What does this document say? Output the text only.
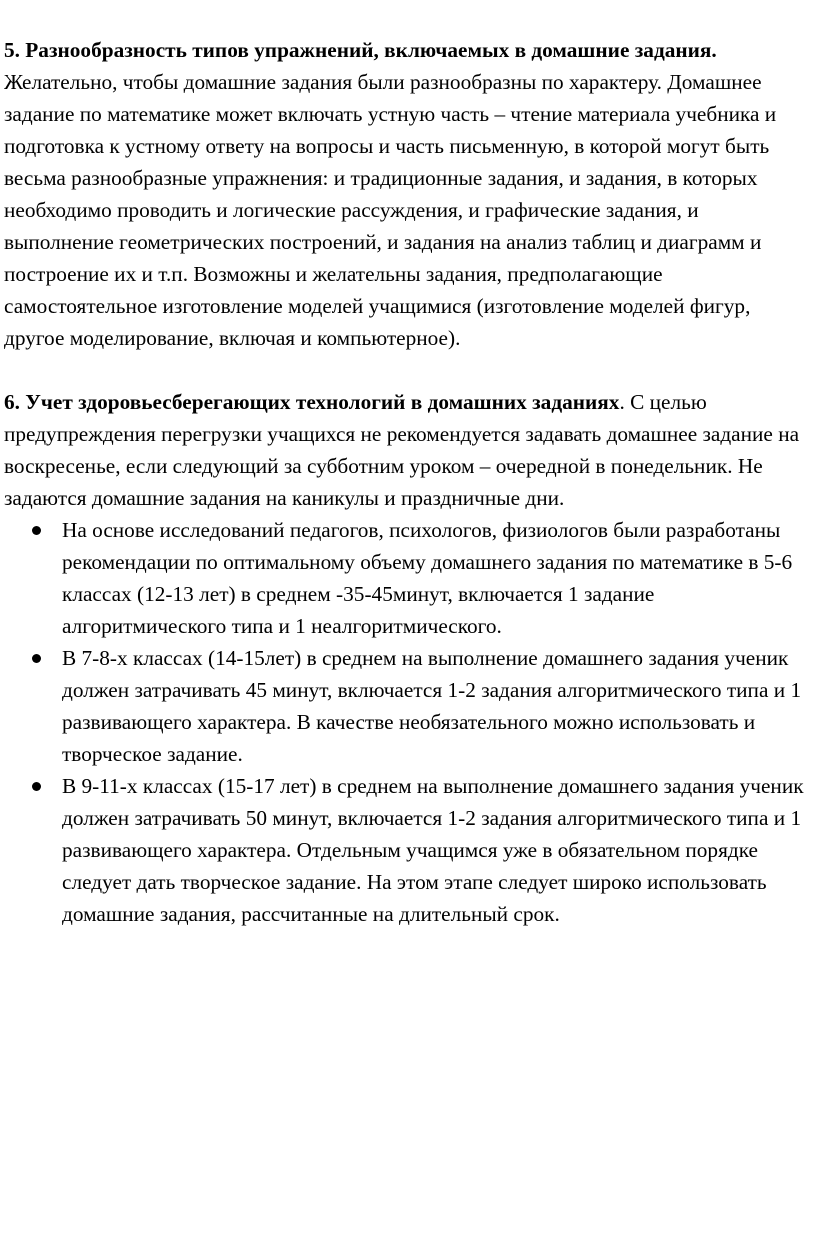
5. Разнообразность типов упражнений, включаемых в домашние задания. Желательно, чтобы домашние задания были разнообразны по характеру. Домашнее задание по математике может включать устную часть – чтение материала учебника и подготовка к устному ответу на вопросы и часть письменную, в которой могут быть весьма разнообразные упражнения: и традиционные задания, и задания, в которых необходимо проводить и логические рассуждения, и графические задания, и выполнение геометрических построений, и задания на анализ таблиц и диаграмм и построение их и т.п. Возможны и желательны задания, предполагающие самостоятельное изготовление моделей учащимися (изготовление моделей фигур, другое моделирование, включая и компьютерное).

6. Учет здоровьесберегающих технологий в домашних заданиях. С целью предупреждения перегрузки учащихся не рекомендуется задавать домашнее задание на воскресенье, если следующий за субботним уроком – очередной в понедельник. Не задаются домашние задания на каникулы и праздничные дни.

На основе исследований педагогов, психологов, физиологов были разработаны рекомендации по оптимальному объему домашнего задания по математике в 5-6 классах (12-13 лет) в среднем -35-45минут, включается 1 задание алгоритмического типа и 1 неалгоритмического.
В 7-8-х классах (14-15лет) в среднем на выполнение домашнего задания ученик должен затрачивать 45 минут, включается 1-2 задания алгоритмического типа и 1 развивающего характера. В качестве необязательного можно использовать и творческое задание.
В 9-11-х классах (15-17 лет) в среднем на выполнение домашнего задания ученик должен затрачивать 50 минут, включается 1-2 задания алгоритмического типа и 1 развивающего характера. Отдельным учащимся уже в обязательном порядке следует дать творческое задание. На этом этапе следует широко использовать домашние задания, рассчитанные на длительный срок.
